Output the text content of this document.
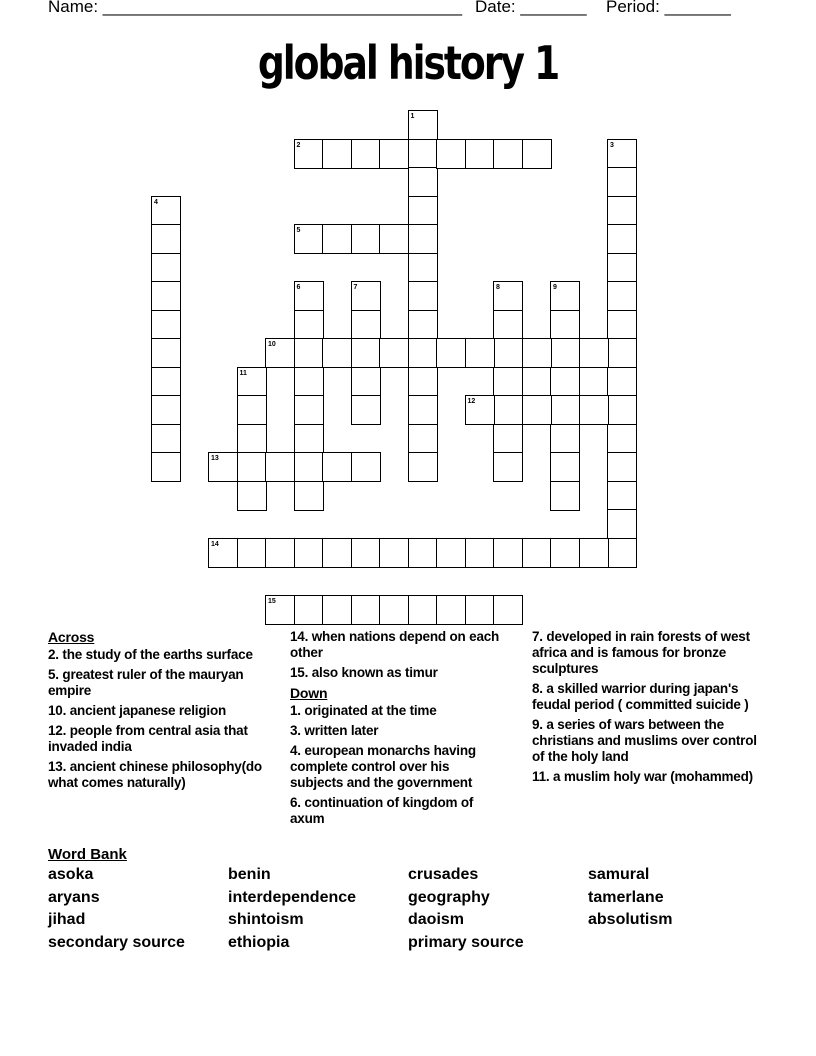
Name: ______________________________________ Date: _______ Period: _______
global history 1
1
2	3
4
5
6	7	8	9
10
11
12
13
14
15
Across
2. the study of the earths surface
5. greatest ruler of the mauryan empire
10. ancient japanese religion
12. people from central asia that invaded india
13. ancient chinese philosophy(do what comes naturally)
14. when nations depend on each other
15. also known as timur
Down
1. originated at the time
3. written later
4. european monarchs having complete control over his subjects and the government
6. continuation of kingdom of axum
7. developed in rain forests of west africa and is famous for bronze sculptures
8. a skilled warrior during japan's feudal period ( committed suicide )
9. a series of wars between the christians and muslims over control of the holy land
11. a muslim holy war (mohammed)
Word Bank
asoka	benin	crusades	samural
aryans	interdependence	geography	tamerlane
jihad	shintoism	daoism	absolutism
secondary source	ethiopia	primary source
